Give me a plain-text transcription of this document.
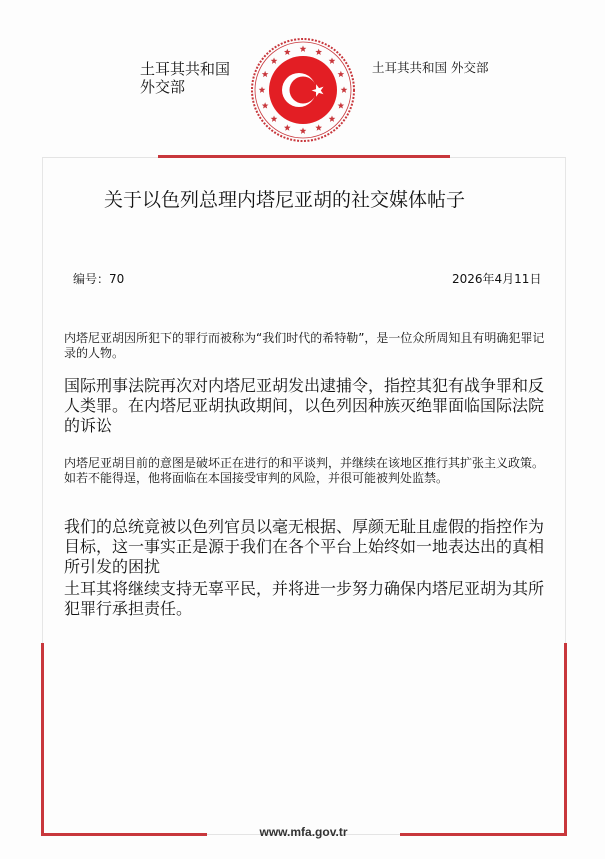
土耳其共和国
外交部
土耳其共和国 外交部
关于以色列总理内塔尼亚胡的社交媒体帖子
编号：70	2026年4月11日
内塔尼亚胡因所犯下的罪行而被称为“我们时代的希特勒”，是一位众所周知且有明确犯罪记录的人物。
国际刑事法院再次对内塔尼亚胡发出逮捕令，指控其犯有战争罪和反人类罪。在内塔尼亚胡执政期间，以色列因种族灭绝罪面临国际法院的诉讼
内塔尼亚胡目前的意图是破坏正在进行的和平谈判，并继续在该地区推行其扩张主义政策。如若不能得逞，他将面临在本国接受审判的风险，并很可能被判处监禁。
我们的总统竟被以色列官员以毫无根据、厚颜无耻且虚假的指控作为目标，这一事实正是源于我们在各个平台上始终如一地表达出的真相所引发的困扰
土耳其将继续支持无辜平民，并将进一步努力确保内塔尼亚胡为其所犯罪行承担责任。
www.mfa.gov.tr
